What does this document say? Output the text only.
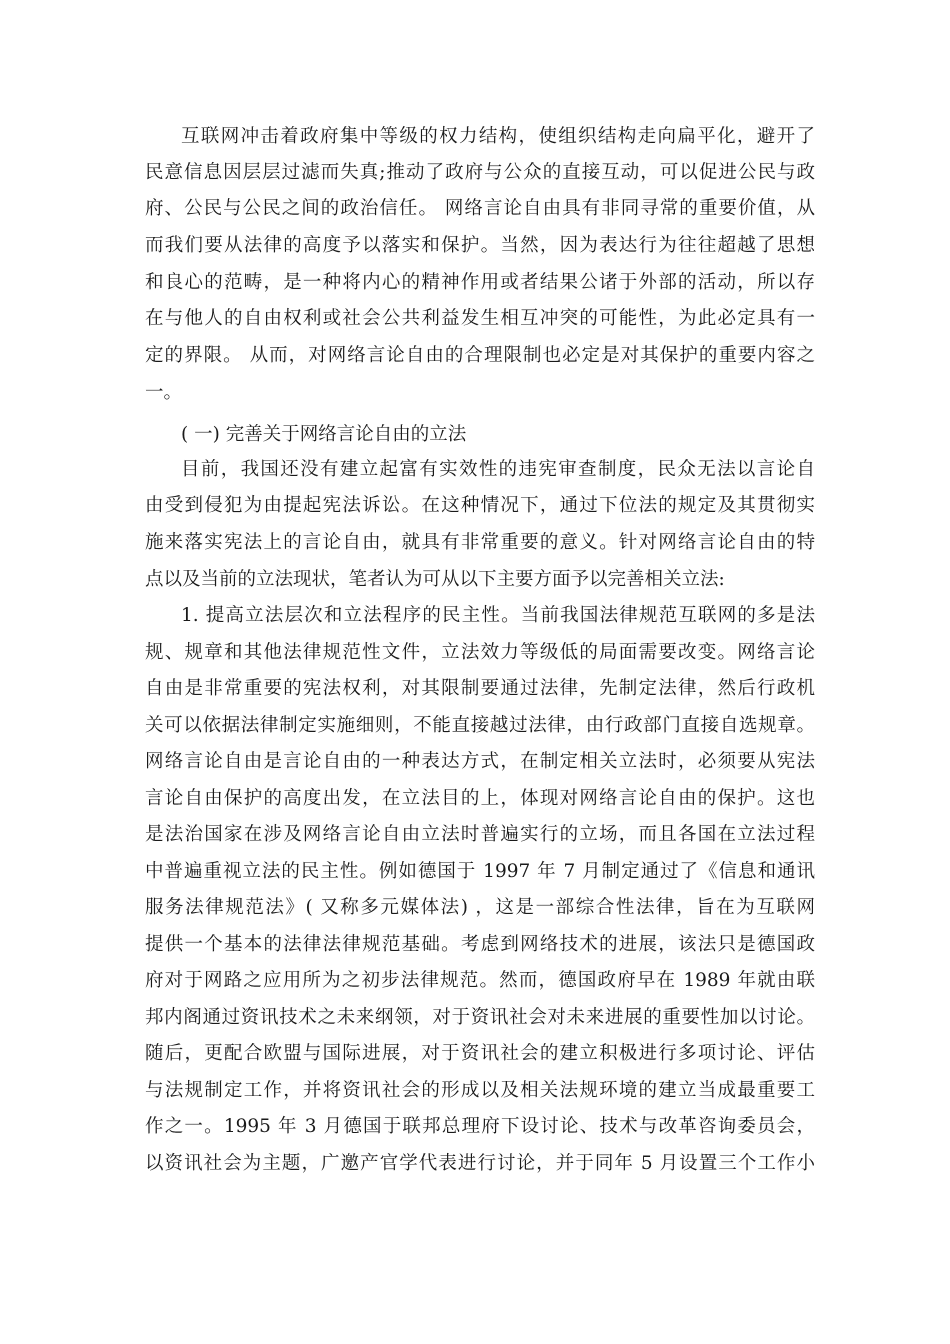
互联网冲击着政府集中等级的权力结构，使组织结构走向扁平化，避开了
民意信息因层层过滤而失真;推动了政府与公众的直接互动，可以促进公民与政
府、公民与公民之间的政治信任。 网络言论自由具有非同寻常的重要价值，从
而我们要从法律的高度予以落实和保护。当然，因为表达行为往往超越了思想
和良心的范畴，是一种将内心的精神作用或者结果公诸于外部的活动，所以存
在与他人的自由权利或社会公共利益发生相互冲突的可能性，为此必定具有一
定的界限。 从而，对网络言论自由的合理限制也必定是对其保护的重要内容之
一。
( 一) 完善关于网络言论自由的立法
目前，我国还没有建立起富有实效性的违宪审查制度，民众无法以言论自
由受到侵犯为由提起宪法诉讼。在这种情况下，通过下位法的规定及其贯彻实
施来落实宪法上的言论自由，就具有非常重要的意义。针对网络言论自由的特
点以及当前的立法现状，笔者认为可从以下主要方面予以完善相关立法:
1. 提高立法层次和立法程序的民主性。当前我国法律规范互联网的多是法
规、规章和其他法律规范性文件，立法效力等级低的局面需要改变。网络言论
自由是非常重要的宪法权利，对其限制要通过法律，先制定法律，然后行政机
关可以依据法律制定实施细则，不能直接越过法律，由行政部门直接自选规章。
网络言论自由是言论自由的一种表达方式，在制定相关立法时，必须要从宪法
言论自由保护的高度出发，在立法目的上，体现对网络言论自由的保护。这也
是法治国家在涉及网络言论自由立法时普遍实行的立场，而且各国在立法过程
中普遍重视立法的民主性。例如德国于 1997 年 7 月制定通过了《信息和通讯
服务法律规范法》( 又称多元媒体法) ，这是一部综合性法律，旨在为互联网
提供一个基本的法律法律规范基础。考虑到网络技术的进展，该法只是德国政
府对于网路之应用所为之初步法律规范。然而，德国政府早在 1989 年就由联
邦内阁通过资讯技术之未来纲领，对于资讯社会对未来进展的重要性加以讨论。
随后，更配合欧盟与国际进展，对于资讯社会的建立积极进行多项讨论、评估
与法规制定工作，并将资讯社会的形成以及相关法规环境的建立当成最重要工
作之一。1995 年 3 月德国于联邦总理府下设讨论、技术与改革咨询委员会，
以资讯社会为主题，广邀产官学代表进行讨论，并于同年 5 月设置三个工作小
